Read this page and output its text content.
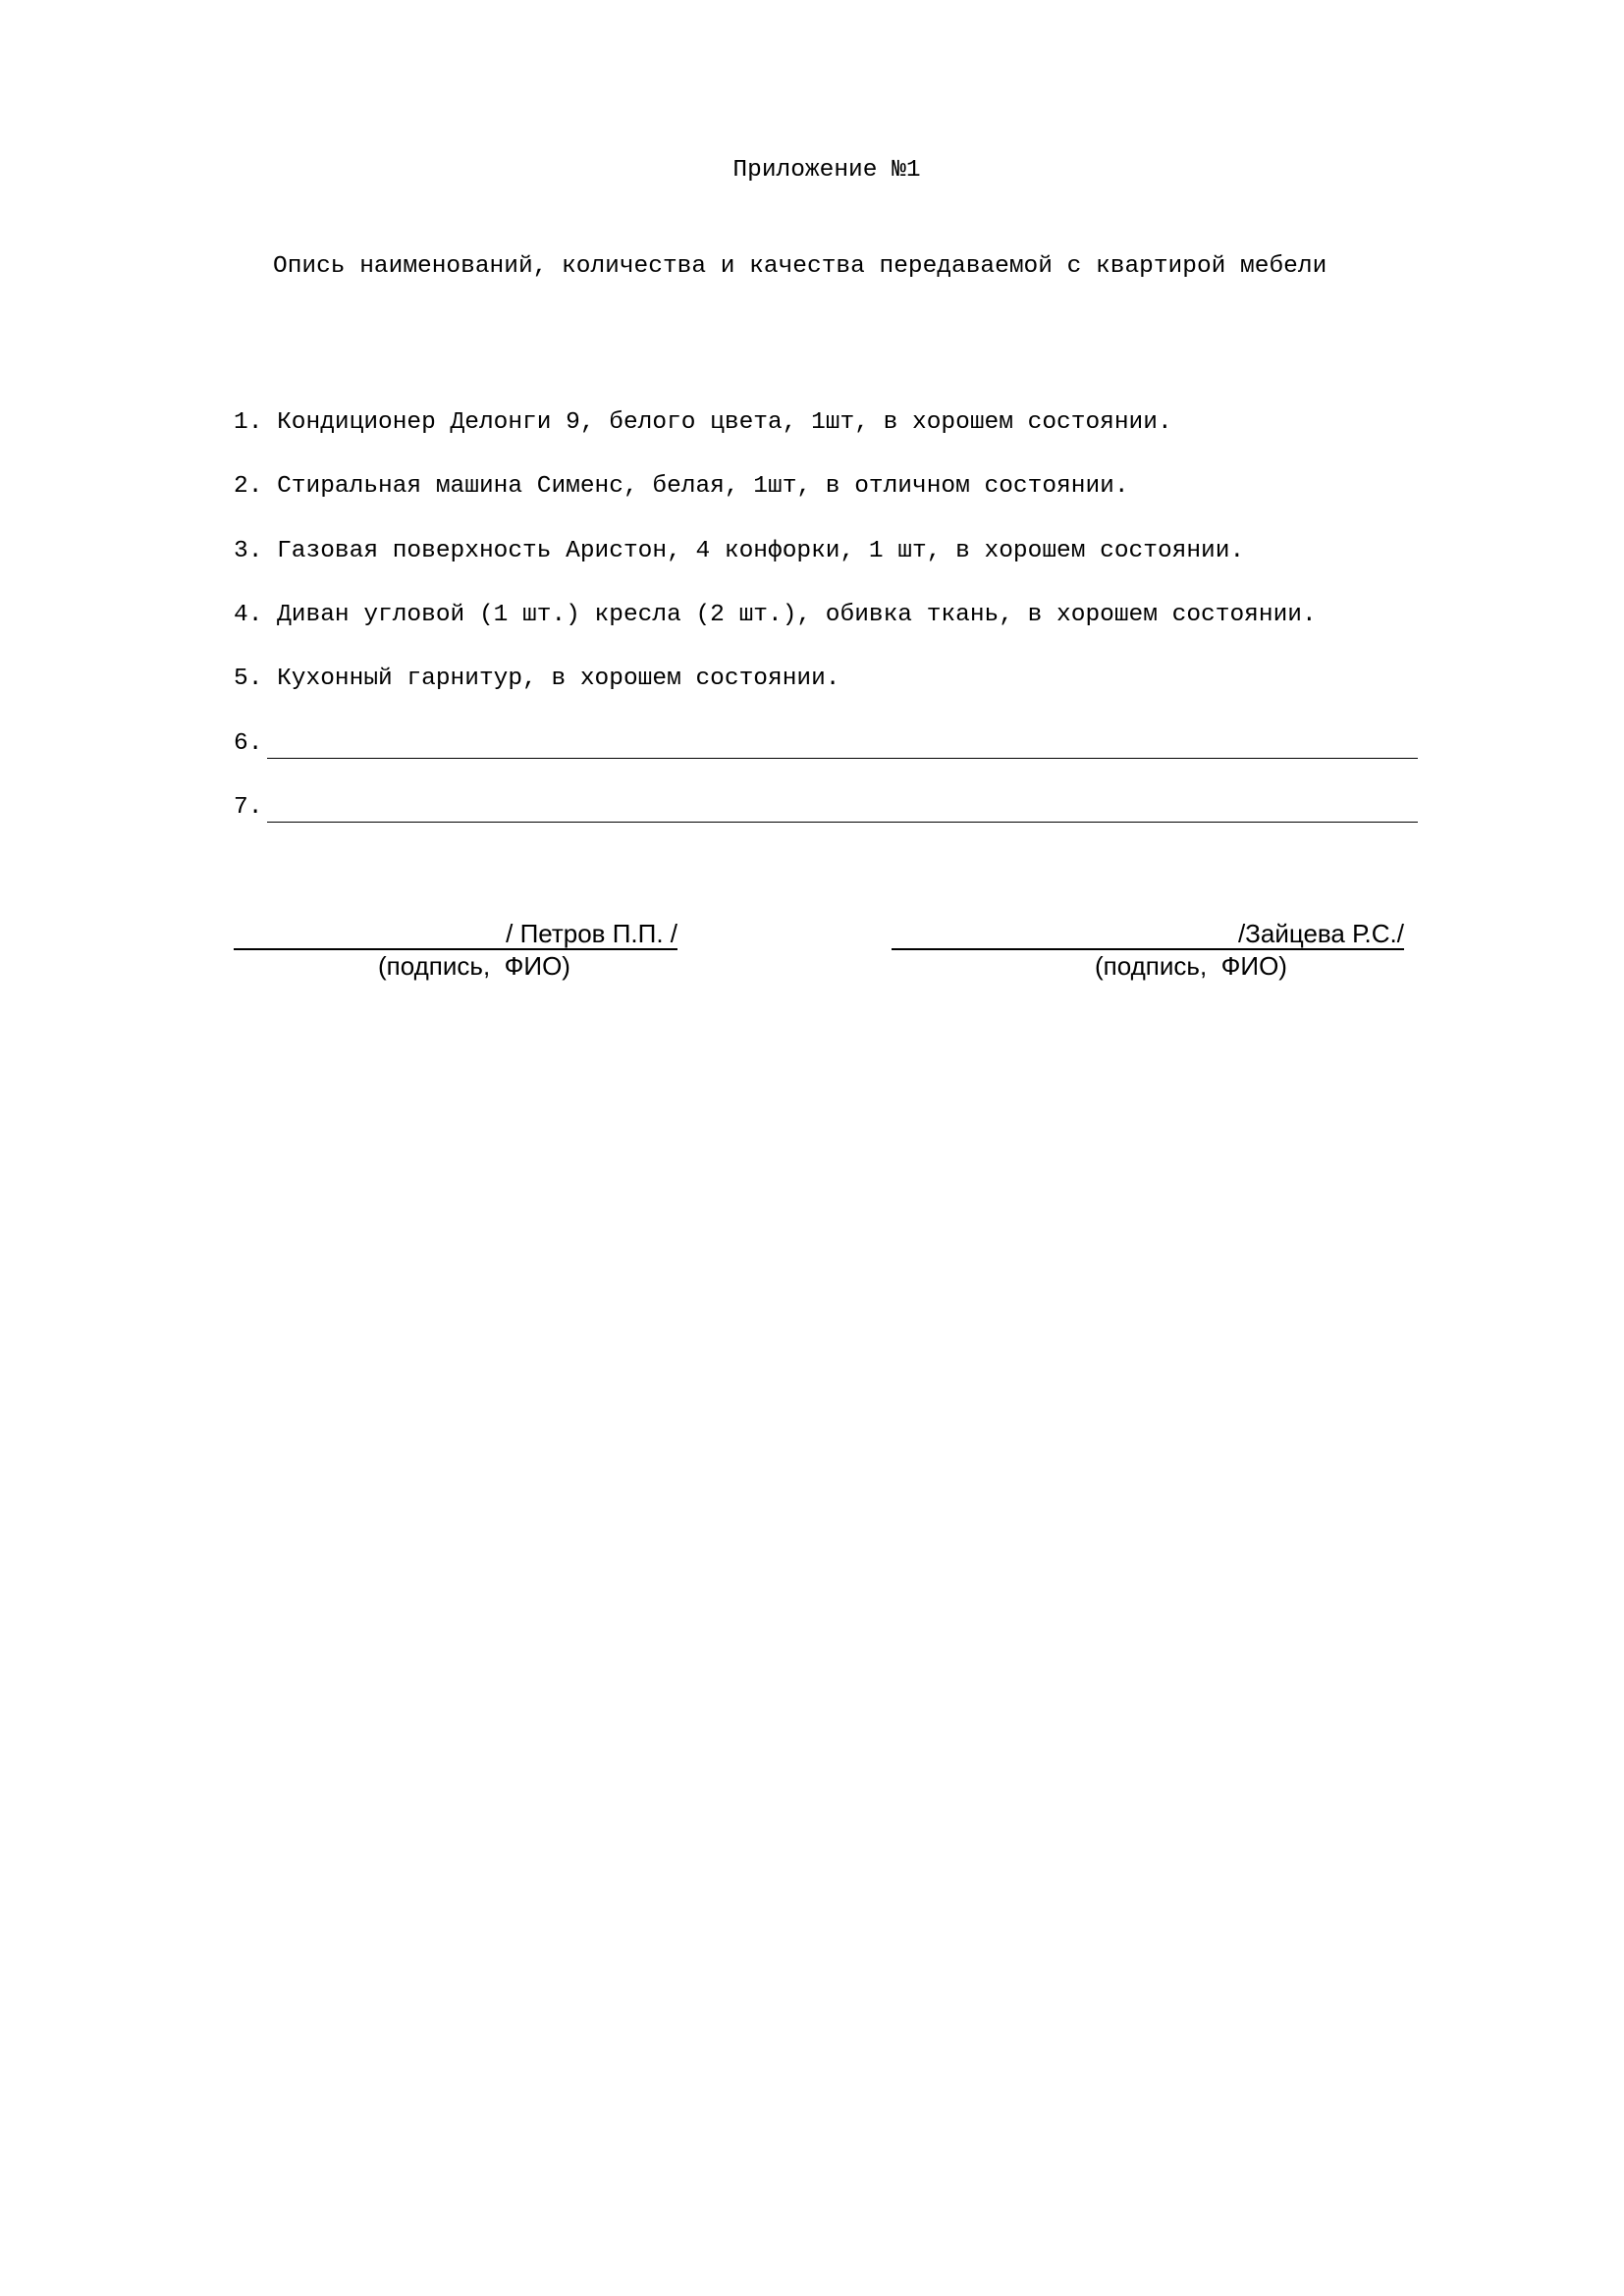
Приложение №1
Опись наименований, количества и качества передаваемой с квартирой мебели
1. Кондиционер Делонги 9, белого цвета, 1шт, в хорошем состоянии.
2. Стиральная машина Сименс, белая, 1шт, в отличном состоянии.
3. Газовая поверхность Аристон, 4 конфорки, 1 шт, в хорошем состоянии.
4. Диван угловой (1 шт.) кресла (2 шт.), обивка ткань, в хорошем состоянии.
5. Кухонный гарнитур, в хорошем состоянии.
6.
7.
/ Петров П.П. /
(подпись,  ФИО)
/Зайцева Р.С./
(подпись,  ФИО)
